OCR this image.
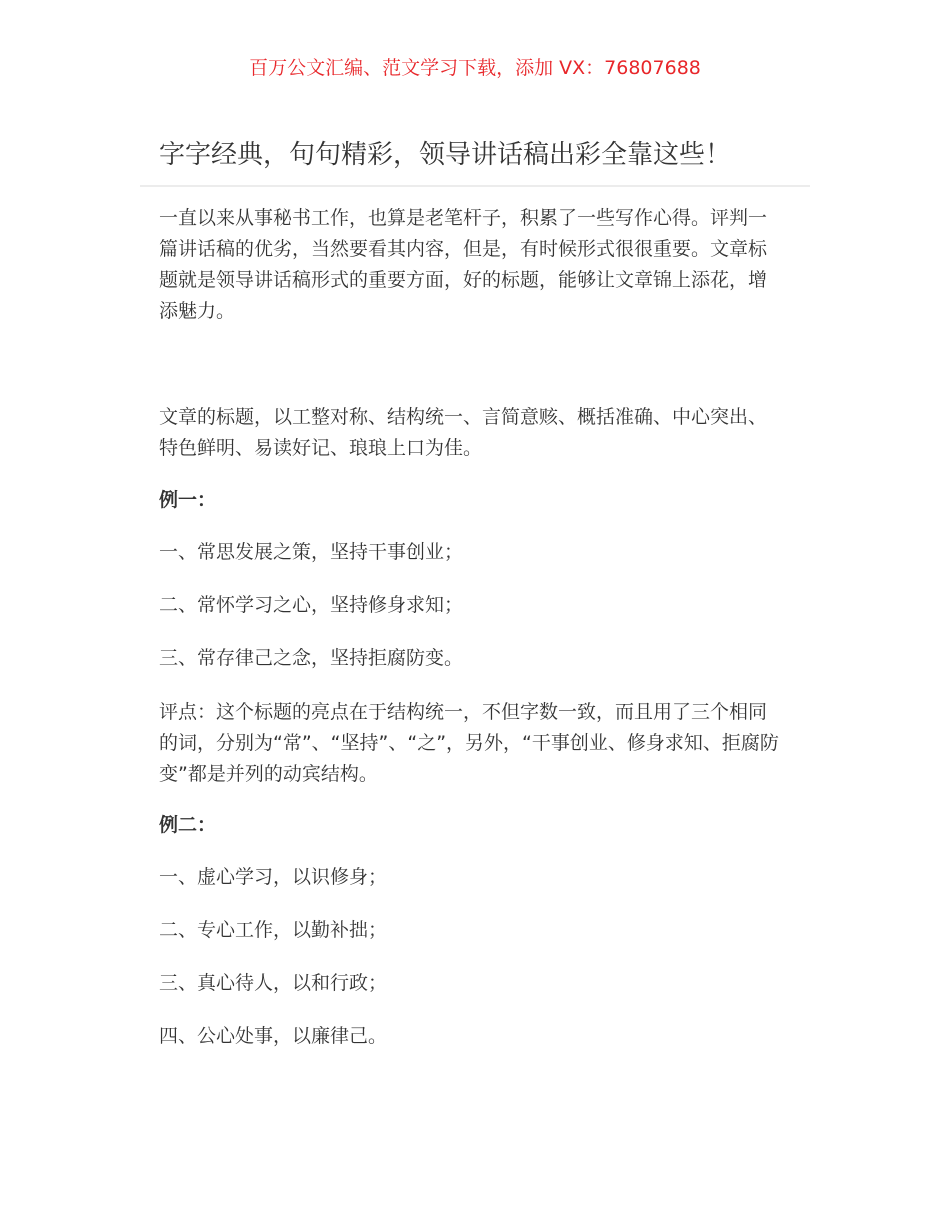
百万公文汇编、范文学习下载，添加 VX：76807688
字字经典，句句精彩，领导讲话稿出彩全靠这些！
一直以来从事秘书工作，也算是老笔杆子，积累了一些写作心得。评判一
篇讲话稿的优劣，当然要看其内容，但是，有时候形式很很重要。文章标
题就是领导讲话稿形式的重要方面，好的标题，能够让文章锦上添花，增
添魅力。
文章的标题，以工整对称、结构统一、言简意赅、概括准确、中心突出、
特色鲜明、易读好记、琅琅上口为佳。
例一：
一、常思发展之策，坚持干事创业；
二、常怀学习之心，坚持修身求知；
三、常存律己之念，坚持拒腐防变。
评点：这个标题的亮点在于结构统一，不但字数一致，而且用了三个相同
的词，分别为“常”、“坚持”、“之”，另外，“干事创业、修身求知、拒腐防
变”都是并列的动宾结构。
例二：
一、虚心学习，以识修身；
二、专心工作，以勤补拙；
三、真心待人，以和行政；
四、公心处事，以廉律己。
